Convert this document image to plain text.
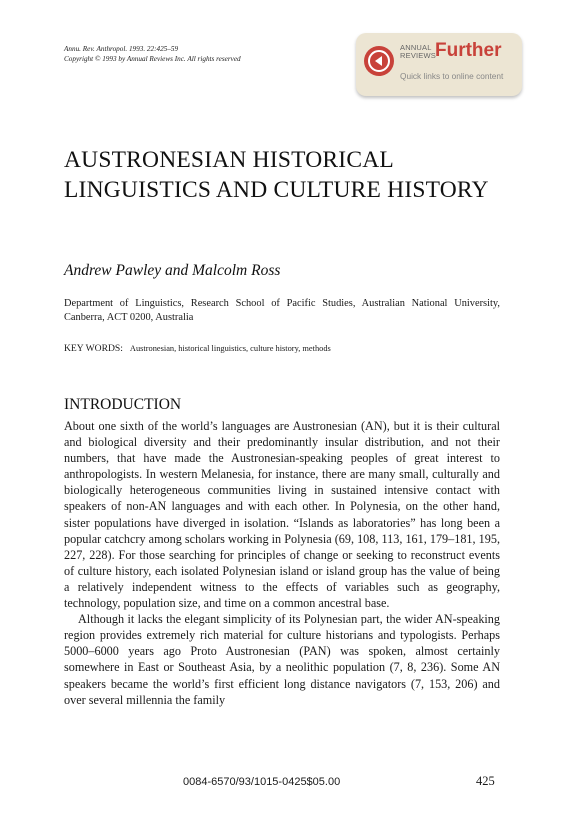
Annu. Rev. Anthropol. 1993. 22:425–59
Copyright © 1993 by Annual Reviews Inc. All rights reserved
ANNUAL
REVIEWS Further
Quick links to online content
AUSTRONESIAN HISTORICAL LINGUISTICS AND CULTURE HISTORY
Andrew Pawley and Malcolm Ross
Department of Linguistics, Research School of Pacific Studies, Australian National University, Canberra, ACT 0200, Australia
KEY WORDS: Austronesian, historical linguistics, culture history, methods
INTRODUCTION

About one sixth of the world’s languages are Austronesian (AN), but it is their cultural and biological diversity and their predominantly insular distribution, and not their numbers, that have made the Austronesian-speaking peoples of great interest to anthropologists. In western Melanesia, for instance, there are many small, culturally and biologically heterogeneous communities living in sustained intensive contact with speakers of non-AN languages and with each other. In Polynesia, on the other hand, sister populations have diverged in isolation. “Islands as laboratories” has long been a popular catchcry among scholars working in Polynesia (69, 108, 113, 161, 179–181, 195, 227, 228). For those searching for principles of change or seeking to reconstruct events of culture history, each isolated Polynesian island or island group has the value of being a relatively independent witness to the effects of variables such as geography, technology, population size, and time on a common ancestral base.

Although it lacks the elegant simplicity of its Polynesian part, the wider AN-speaking region provides extremely rich material for culture historians and typologists. Perhaps 5000–6000 years ago Proto Austronesian (PAN) was spoken, almost certainly somewhere in East or Southeast Asia, by a neolithic population (7, 8, 236). Some AN speakers became the world’s first efficient long distance navigators (7, 153, 206) and over several millennia the family

0084-6570/93/1015-0425$05.00	425
